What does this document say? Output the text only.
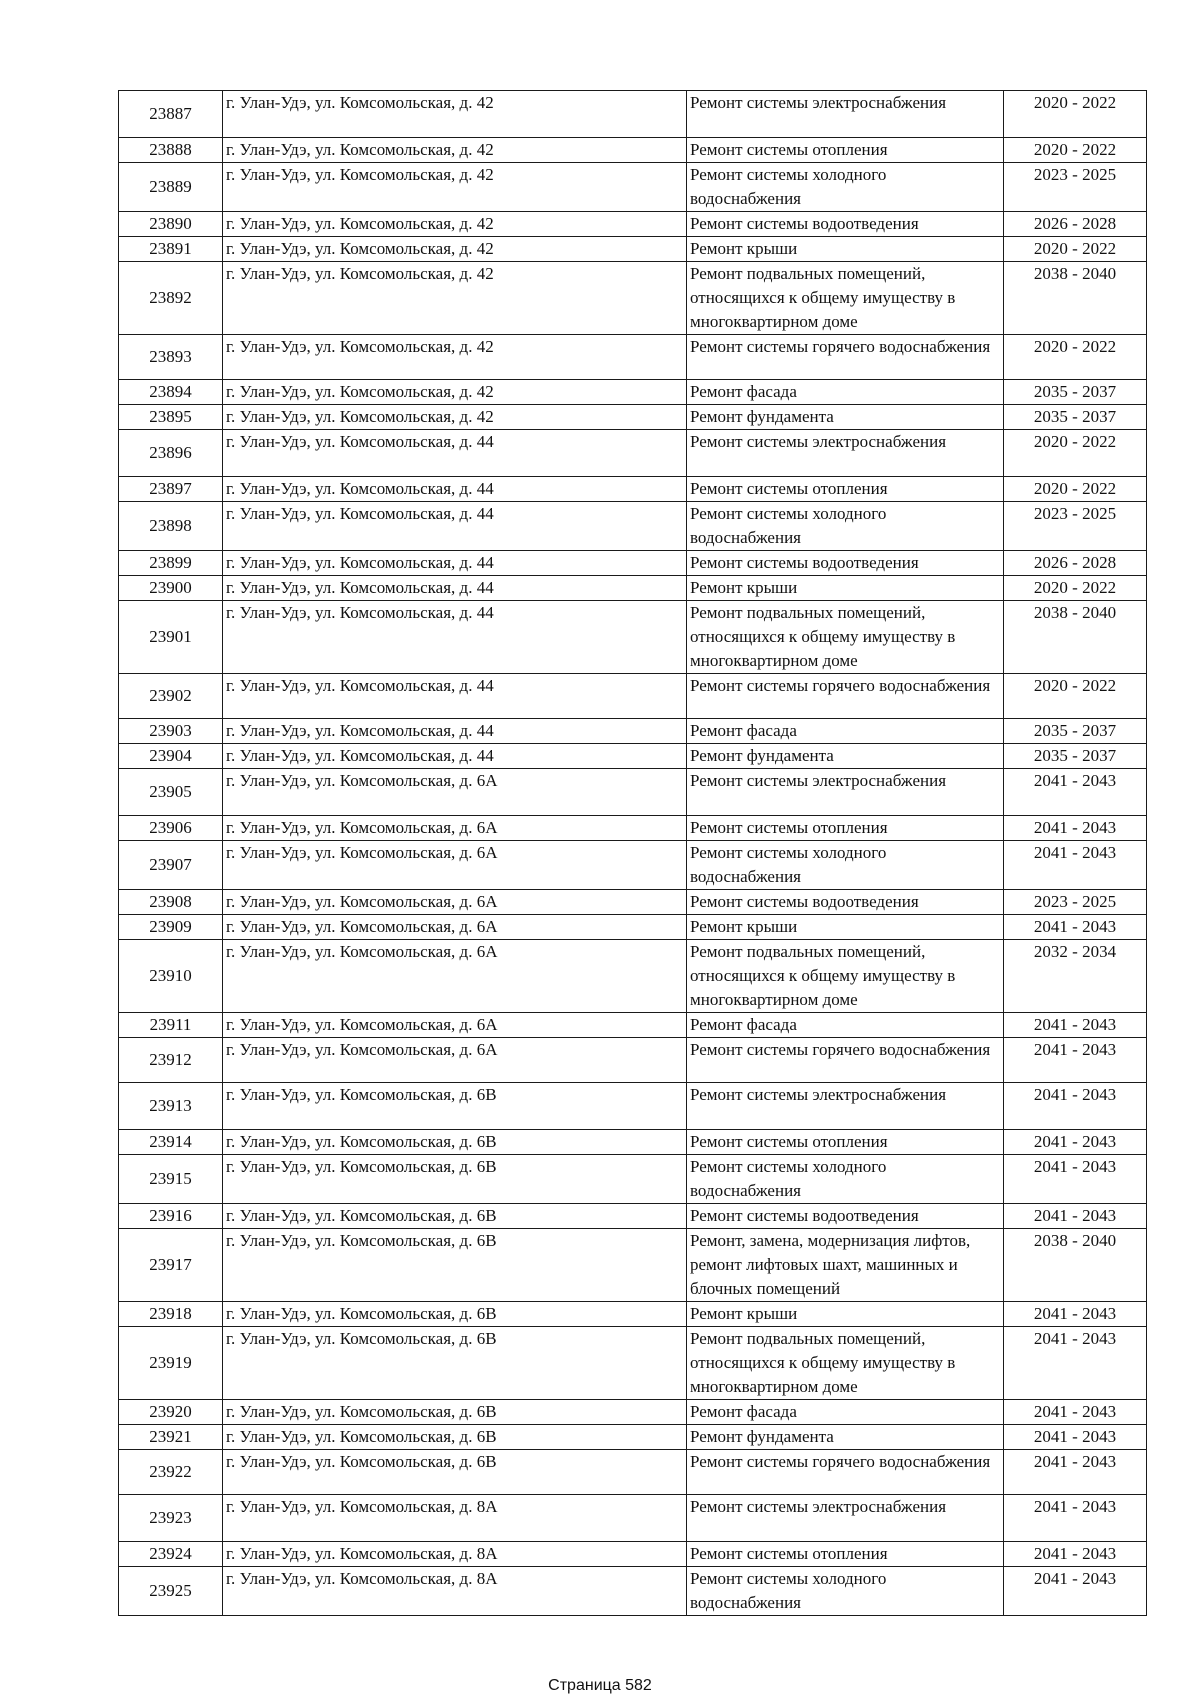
23887	г. Улан-Удэ, ул. Комсомольская, д. 42	Ремонт системы электроснабжения	2020 - 2022
23888	г. Улан-Удэ, ул. Комсомольская, д. 42	Ремонт системы отопления	2020 - 2022
23889	г. Улан-Удэ, ул. Комсомольская, д. 42	Ремонт системы холодного водоснабжения	2023 - 2025
23890	г. Улан-Удэ, ул. Комсомольская, д. 42	Ремонт системы водоотведения	2026 - 2028
23891	г. Улан-Удэ, ул. Комсомольская, д. 42	Ремонт крыши	2020 - 2022
23892	г. Улан-Удэ, ул. Комсомольская, д. 42	Ремонт подвальных помещений, относящихся к общему имуществу в многоквартирном доме	2038 - 2040
23893	г. Улан-Удэ, ул. Комсомольская, д. 42	Ремонт системы горячего водоснабжения	2020 - 2022
23894	г. Улан-Удэ, ул. Комсомольская, д. 42	Ремонт фасада	2035 - 2037
23895	г. Улан-Удэ, ул. Комсомольская, д. 42	Ремонт фундамента	2035 - 2037
23896	г. Улан-Удэ, ул. Комсомольская, д. 44	Ремонт системы электроснабжения	2020 - 2022
23897	г. Улан-Удэ, ул. Комсомольская, д. 44	Ремонт системы отопления	2020 - 2022
23898	г. Улан-Удэ, ул. Комсомольская, д. 44	Ремонт системы холодного водоснабжения	2023 - 2025
23899	г. Улан-Удэ, ул. Комсомольская, д. 44	Ремонт системы водоотведения	2026 - 2028
23900	г. Улан-Удэ, ул. Комсомольская, д. 44	Ремонт крыши	2020 - 2022
23901	г. Улан-Удэ, ул. Комсомольская, д. 44	Ремонт подвальных помещений, относящихся к общему имуществу в многоквартирном доме	2038 - 2040
23902	г. Улан-Удэ, ул. Комсомольская, д. 44	Ремонт системы горячего водоснабжения	2020 - 2022
23903	г. Улан-Удэ, ул. Комсомольская, д. 44	Ремонт фасада	2035 - 2037
23904	г. Улан-Удэ, ул. Комсомольская, д. 44	Ремонт фундамента	2035 - 2037
23905	г. Улан-Удэ, ул. Комсомольская, д. 6А	Ремонт системы электроснабжения	2041 - 2043
23906	г. Улан-Удэ, ул. Комсомольская, д. 6А	Ремонт системы отопления	2041 - 2043
23907	г. Улан-Удэ, ул. Комсомольская, д. 6А	Ремонт системы холодного водоснабжения	2041 - 2043
23908	г. Улан-Удэ, ул. Комсомольская, д. 6А	Ремонт системы водоотведения	2023 - 2025
23909	г. Улан-Удэ, ул. Комсомольская, д. 6А	Ремонт крыши	2041 - 2043
23910	г. Улан-Удэ, ул. Комсомольская, д. 6А	Ремонт подвальных помещений, относящихся к общему имуществу в многоквартирном доме	2032 - 2034
23911	г. Улан-Удэ, ул. Комсомольская, д. 6А	Ремонт фасада	2041 - 2043
23912	г. Улан-Удэ, ул. Комсомольская, д. 6А	Ремонт системы горячего водоснабжения	2041 - 2043
23913	г. Улан-Удэ, ул. Комсомольская, д. 6В	Ремонт системы электроснабжения	2041 - 2043
23914	г. Улан-Удэ, ул. Комсомольская, д. 6В	Ремонт системы отопления	2041 - 2043
23915	г. Улан-Удэ, ул. Комсомольская, д. 6В	Ремонт системы холодного водоснабжения	2041 - 2043
23916	г. Улан-Удэ, ул. Комсомольская, д. 6В	Ремонт системы водоотведения	2041 - 2043
23917	г. Улан-Удэ, ул. Комсомольская, д. 6В	Ремонт, замена, модернизация лифтов, ремонт лифтовых шахт, машинных и блочных помещений	2038 - 2040
23918	г. Улан-Удэ, ул. Комсомольская, д. 6В	Ремонт крыши	2041 - 2043
23919	г. Улан-Удэ, ул. Комсомольская, д. 6В	Ремонт подвальных помещений, относящихся к общему имуществу в многоквартирном доме	2041 - 2043
23920	г. Улан-Удэ, ул. Комсомольская, д. 6В	Ремонт фасада	2041 - 2043
23921	г. Улан-Удэ, ул. Комсомольская, д. 6В	Ремонт фундамента	2041 - 2043
23922	г. Улан-Удэ, ул. Комсомольская, д. 6В	Ремонт системы горячего водоснабжения	2041 - 2043
23923	г. Улан-Удэ, ул. Комсомольская, д. 8А	Ремонт системы электроснабжения	2041 - 2043
23924	г. Улан-Удэ, ул. Комсомольская, д. 8А	Ремонт системы отопления	2041 - 2043
23925	г. Улан-Удэ, ул. Комсомольская, д. 8А	Ремонт системы холодного водоснабжения	2041 - 2043
Страница 582
